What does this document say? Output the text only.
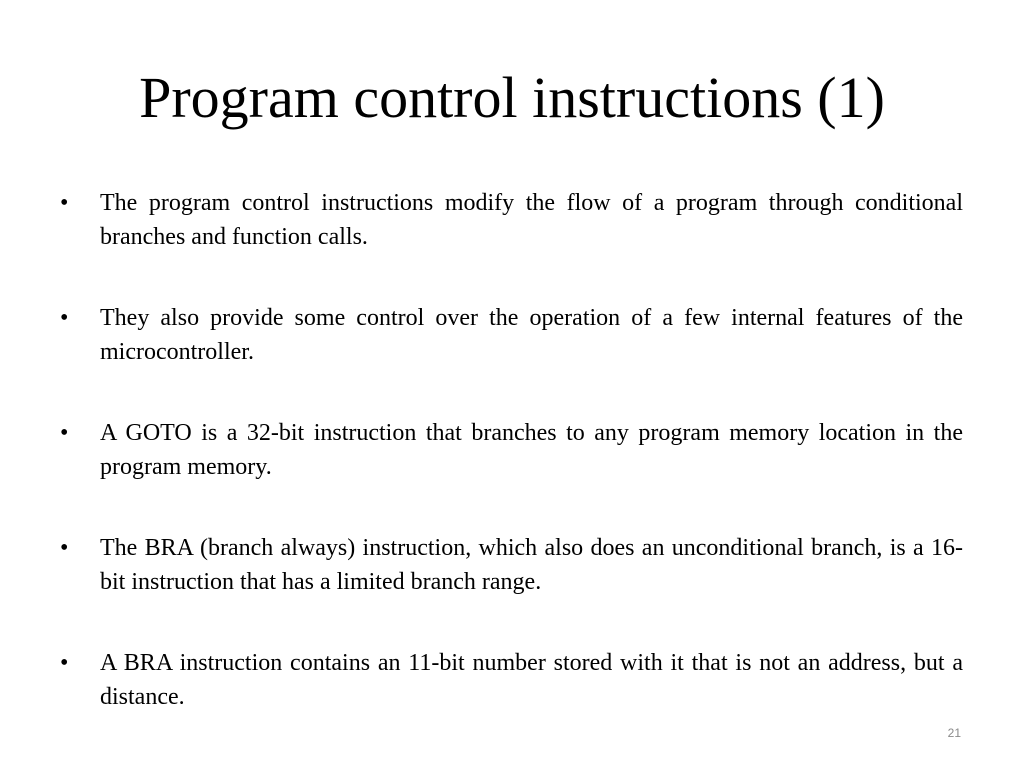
Program control instructions (1)
•	The program control instructions modify the flow of a program through conditional branches and function calls.
•	They also provide some control over the operation of a few internal features of the microcontroller.
•	A GOTO is a 32-bit instruction that branches to any program memory location in the program memory.
•	The BRA (branch always) instruction, which also does an unconditional branch, is a 16-bit instruction that has a limited branch range.
•	A BRA instruction contains an 11-bit number stored with it that is not an address, but a distance.
21
